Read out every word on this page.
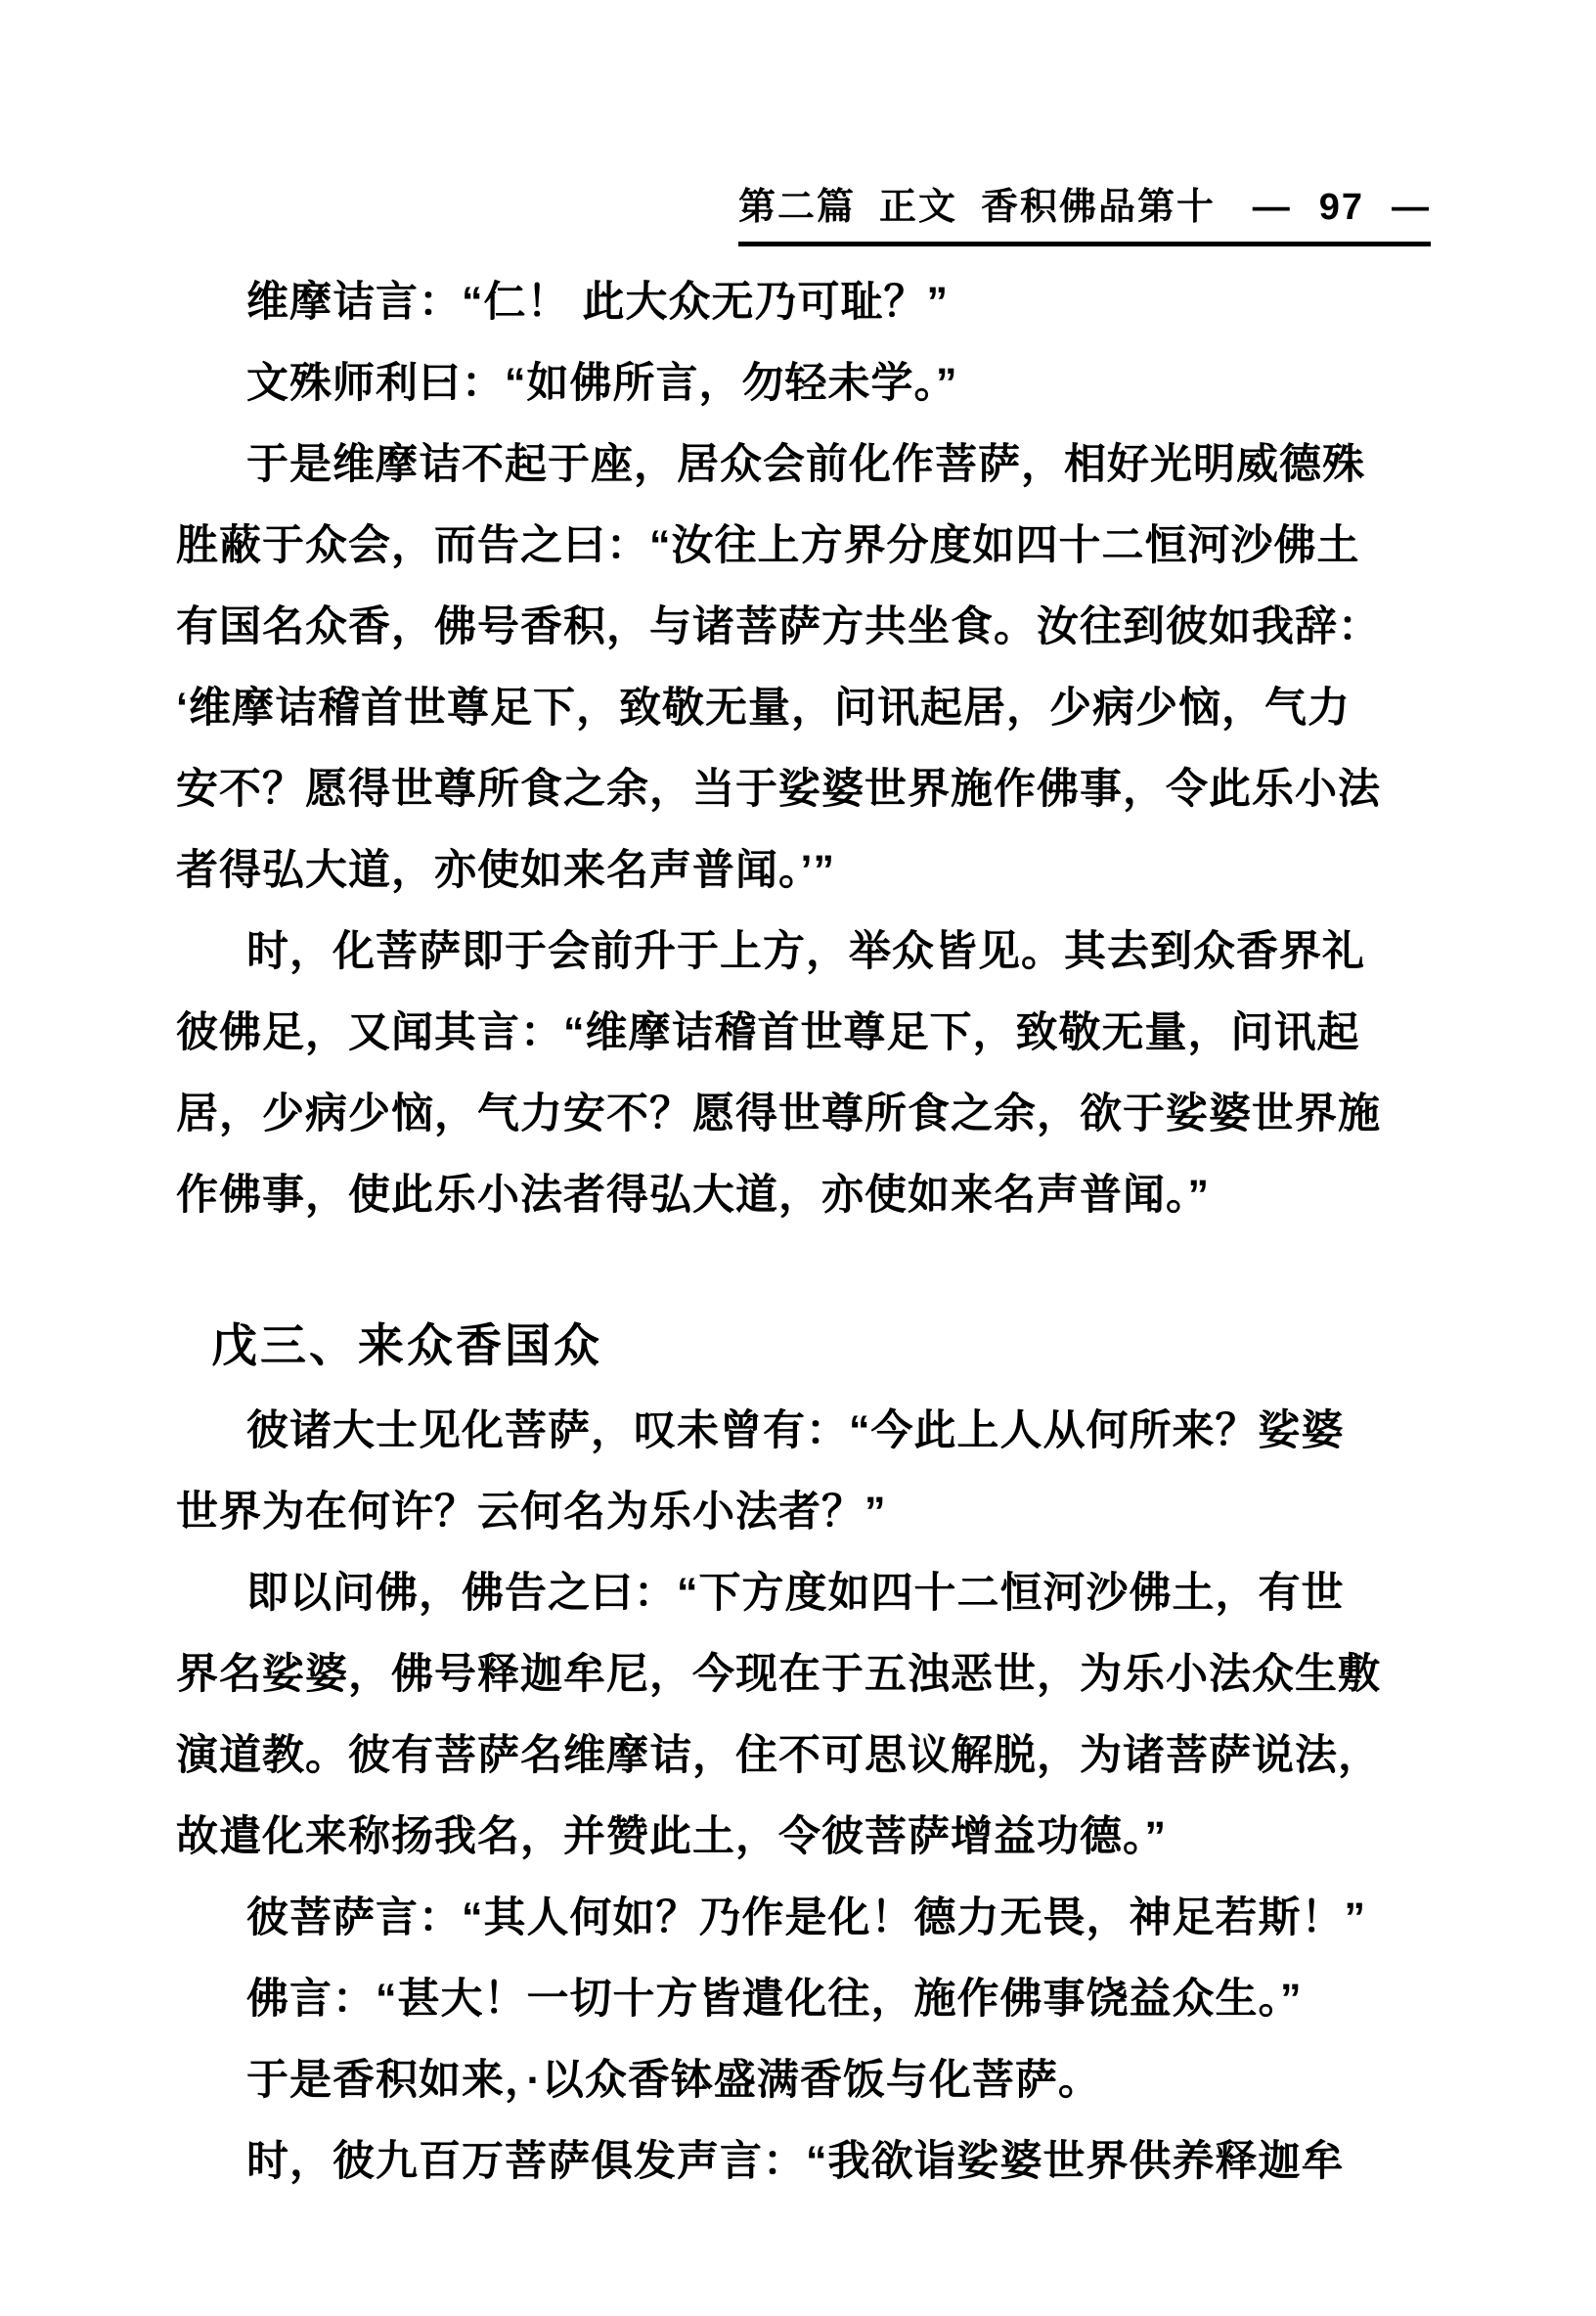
第二篇 正文 香积佛品第十 — 97 —
维摩诘言：“仁！ 此大众无乃可耻？”
文殊师利曰：“如佛所言，勿轻未学。”
于是维摩诘不起于座，居众会前化作菩萨，相好光明威德殊
胜蔽于众会，而告之曰：“汝往上方界分度如四十二恒河沙佛土
有国名众香，佛号香积，与诸菩萨方共坐食。汝往到彼如我辞：
‘维摩诘稽首世尊足下，致敬无量，问讯起居，少病少恼，气力
安不？愿得世尊所食之余，当于娑婆世界施作佛事，令此乐小法
者得弘大道，亦使如来名声普闻。’”
时，化菩萨即于会前升于上方，举众皆见。其去到众香界礼
彼佛足，又闻其言：“维摩诘稽首世尊足下，致敬无量，问讯起
居，少病少恼，气力安不？愿得世尊所食之余，欲于娑婆世界施
作佛事，使此乐小法者得弘大道，亦使如来名声普闻。”
戊三、来众香国众
彼诸大士见化菩萨，叹未曾有：“今此上人从何所来？娑婆
世界为在何许？云何名为乐小法者？”
即以问佛，佛告之曰：“下方度如四十二恒河沙佛土，有世
界名娑婆，佛号释迦牟尼，今现在于五浊恶世，为乐小法众生敷
演道教。彼有菩萨名维摩诘，住不可思议解脱，为诸菩萨说法，
故遣化来称扬我名，并赞此土，令彼菩萨增益功德。”
彼菩萨言：“其人何如？乃作是化！德力无畏，神足若斯！”
佛言：“甚大！一切十方皆遣化往，施作佛事饶益众生。”
于是香积如来，·以众香钵盛满香饭与化菩萨。
时，彼九百万菩萨俱发声言：“我欲诣娑婆世界供养释迦牟
